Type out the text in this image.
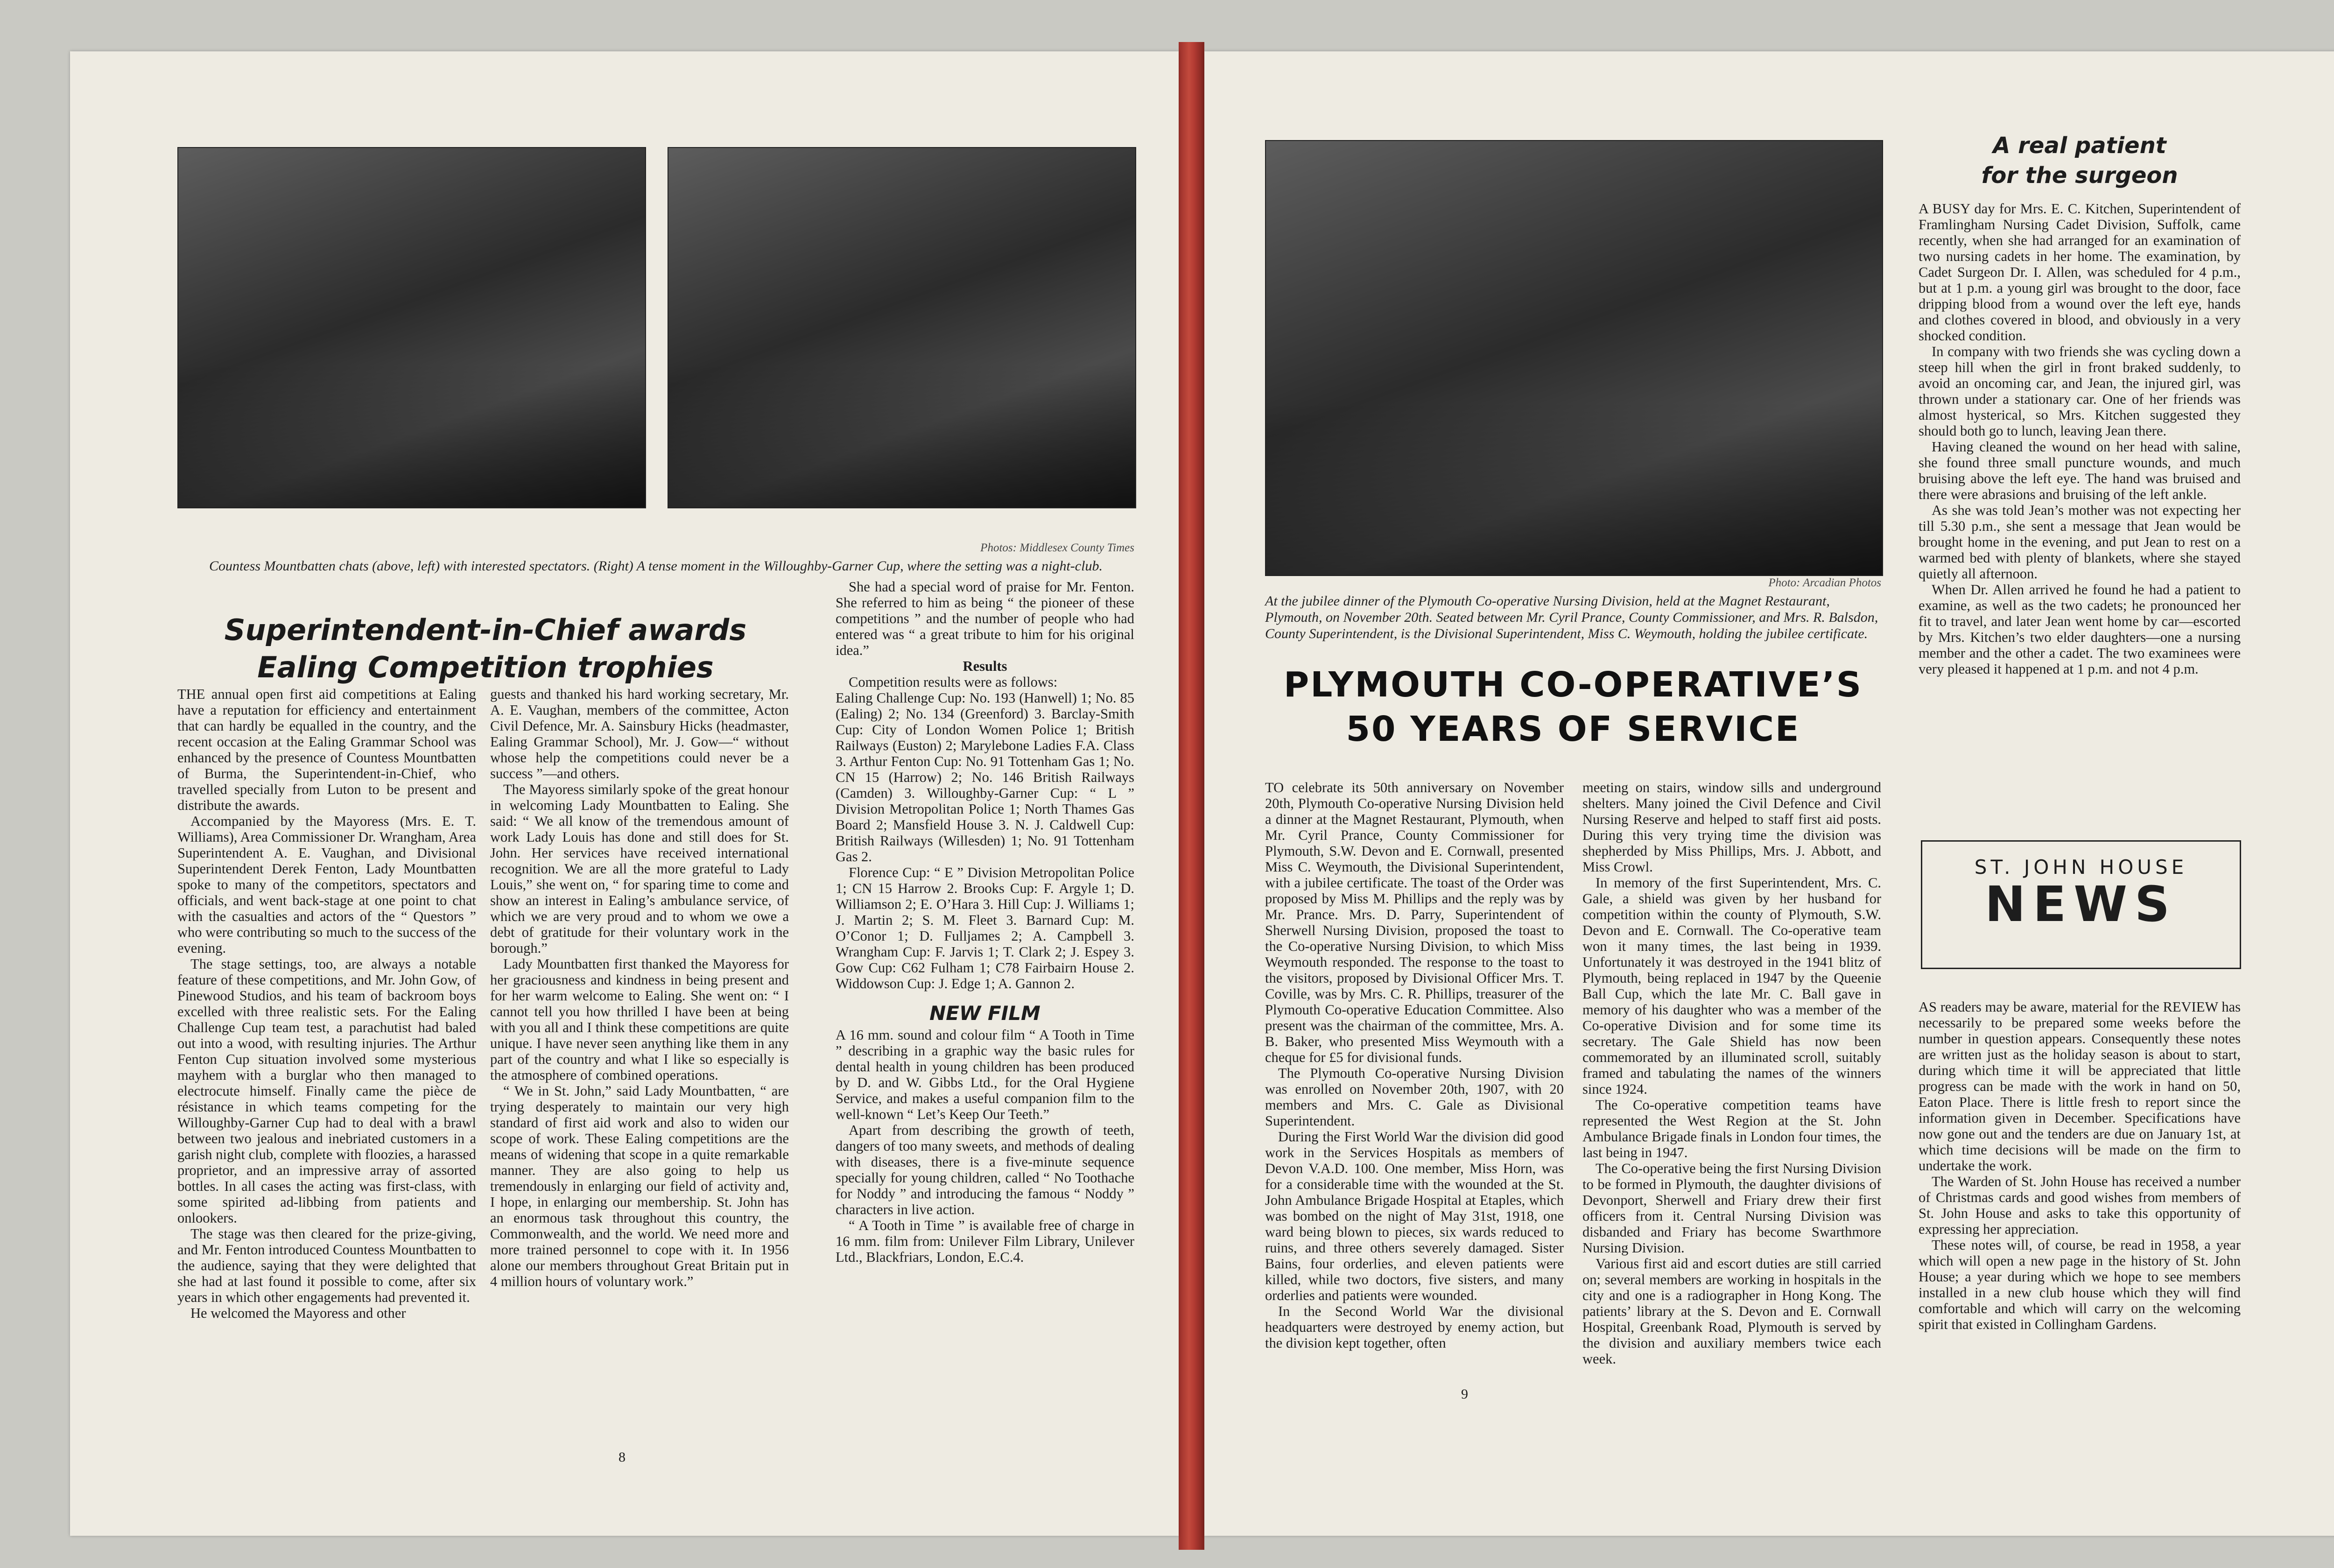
Photos: Middlesex County Times
Countess Mountbatten chats (above, left) with interested spectators. (Right) A tense moment in the Willoughby-Garner Cup, where the setting was a night-club.
Superintendent-in-Chief awards
Ealing Competition trophies

THE annual open first aid competitions at Ealing have a reputation for efficiency and entertainment that can hardly be equalled in the country, and the recent occasion at the Ealing Grammar School was enhanced by the presence of Countess Mountbatten of Burma, the Superintendent-in-Chief, who travelled specially from Luton to be present and distribute the awards.

Accompanied by the Mayoress (Mrs. E. T. Williams), Area Commissioner Dr. Wrangham, Area Superintendent A. E. Vaughan, and Divisional Superintendent Derek Fenton, Lady Mountbatten spoke to many of the competitors, spectators and officials, and went back-stage at one point to chat with the casualties and actors of the “ Questors ” who were contributing so much to the success of the evening.

The stage settings, too, are always a notable feature of these competitions, and Mr. John Gow, of Pinewood Studios, and his team of backroom boys excelled with three realistic sets. For the Ealing Challenge Cup team test, a parachutist had baled out into a wood, with resulting injuries. The Arthur Fenton Cup situation involved some mysterious mayhem with a burglar who then managed to electrocute himself. Finally came the pièce de résistance in which teams competing for the Willoughby-Garner Cup had to deal with a brawl between two jealous and inebriated customers in a garish night club, complete with floozies, a harassed proprietor, and an impressive array of assorted bottles. In all cases the acting was first-class, with some spirited ad-libbing from patients and onlookers.

The stage was then cleared for the prize-giving, and Mr. Fenton introduced Countess Mountbatten to the audience, saying that they were delighted that she had at last found it possible to come, after six years in which other engagements had prevented it.

He welcomed the Mayoress and other

guests and thanked his hard working secretary, Mr. A. E. Vaughan, members of the committee, Acton Civil Defence, Mr. A. Sainsbury Hicks (headmaster, Ealing Grammar School), Mr. J. Gow—“ without whose help the competitions could never be a success ”—and others.

The Mayoress similarly spoke of the great honour in welcoming Lady Mountbatten to Ealing. She said: “ We all know of the tremendous amount of work Lady Louis has done and still does for St. John. Her services have received international recognition. We are all the more grateful to Lady Louis,” she went on, “ for sparing time to come and show an interest in Ealing’s ambulance service, of which we are very proud and to whom we owe a debt of gratitude for their voluntary work in the borough.”

Lady Mountbatten first thanked the Mayoress for her graciousness and kindness in being present and for her warm welcome to Ealing. She went on: “ I cannot tell you how thrilled I have been at being with you all and I think these competitions are quite unique. I have never seen anything like them in any part of the country and what I like so especially is the atmosphere of combined operations.

“ We in St. John,” said Lady Mountbatten, “ are trying desperately to maintain our very high standard of first aid work and also to widen our scope of work. These Ealing competitions are the means of widening that scope in a quite remarkable manner. They are also going to help us tremendously in enlarging our field of activity and, I hope, in enlarging our membership. St. John has an enormous task throughout this country, the Commonwealth, and the world. We need more and more trained personnel to cope with it. In 1956 alone our members throughout Great Britain put in 4 million hours of voluntary work.”

She had a special word of praise for Mr. Fenton. She referred to him as being “ the pioneer of these competitions ” and the number of people who had entered was “ a great tribute to him for his original idea.”

Results

Competition results were as follows:

Ealing Challenge Cup: No. 193 (Hanwell) 1; No. 85 (Ealing) 2; No. 134 (Greenford) 3. Barclay-Smith Cup: City of London Women Police 1; British Railways (Euston) 2; Marylebone Ladies F.A. Class 3. Arthur Fenton Cup: No. 91 Tottenham Gas 1; No. CN 15 (Harrow) 2; No. 146 British Railways (Camden) 3. Willoughby-Garner Cup: “ L ” Division Metropolitan Police 1; North Thames Gas Board 2; Mansfield House 3. N. J. Caldwell Cup: British Railways (Willesden) 1; No. 91 Tottenham Gas 2.

Florence Cup: “ E ” Division Metropolitan Police 1; CN 15 Harrow 2. Brooks Cup: F. Argyle 1; D. Williamson 2; E. O’Hara 3. Hill Cup: J. Williams 1; J. Martin 2; S. M. Fleet 3. Barnard Cup: M. O’Conor 1; D. Fulljames 2; A. Campbell 3. Wrangham Cup: F. Jarvis 1; T. Clark 2; J. Espey 3. Gow Cup: C62 Fulham 1; C78 Fairbairn House 2. Widdowson Cup: J. Edge 1; A. Gannon 2.

NEW FILM

A 16 mm. sound and colour film “ A Tooth in Time ” describing in a graphic way the basic rules for dental health in young children has been produced by D. and W. Gibbs Ltd., for the Oral Hygiene Service, and makes a useful companion film to the well-known “ Let’s Keep Our Teeth.”

Apart from describing the growth of teeth, dangers of too many sweets, and methods of dealing with diseases, there is a five-minute sequence specially for young children, called “ No Toothache for Noddy ” and introducing the famous “ Noddy ” characters in live action.

“ A Tooth in Time ” is available free of charge in 16 mm. film from: Unilever Film Library, Unilever Ltd., Blackfriars, London, E.C.4.

8
Photo: Arcadian Photos
At the jubilee dinner of the Plymouth Co-operative Nursing Division, held at the Magnet Restaurant, Plymouth, on November 20th. Seated between Mr. Cyril Prance, County Commissioner, and Mrs. R. Balsdon, County Superintendent, is the Divisional Superintendent, Miss C. Weymouth, holding the jubilee certificate.
PLYMOUTH CO-OPERATIVE’S
50 YEARS OF SERVICE

TO celebrate its 50th anniversary on November 20th, Plymouth Co-operative Nursing Division held a dinner at the Magnet Restaurant, Plymouth, when Mr. Cyril Prance, County Commissioner for Plymouth, S.W. Devon and E. Cornwall, presented Miss C. Weymouth, the Divisional Superintendent, with a jubilee certificate. The toast of the Order was proposed by Miss M. Phillips and the reply was by Mr. Prance. Mrs. D. Parry, Superintendent of Sherwell Nursing Division, proposed the toast to the Co-operative Nursing Division, to which Miss Weymouth responded. The response to the toast to the visitors, proposed by Divisional Officer Mrs. T. Coville, was by Mrs. C. R. Phillips, treasurer of the Plymouth Co-operative Education Committee. Also present was the chairman of the committee, Mrs. A. B. Baker, who presented Miss Weymouth with a cheque for £5 for divisional funds.

The Plymouth Co-operative Nursing Division was enrolled on November 20th, 1907, with 20 members and Mrs. C. Gale as Divisional Superintendent.

During the First World War the division did good work in the Services Hospitals as members of Devon V.A.D. 100. One member, Miss Horn, was for a considerable time with the wounded at the St. John Ambulance Brigade Hospital at Etaples, which was bombed on the night of May 31st, 1918, one ward being blown to pieces, six wards reduced to ruins, and three others severely damaged. Sister Bains, four orderlies, and eleven patients were killed, while two doctors, five sisters, and many orderlies and patients were wounded.

In the Second World War the divisional headquarters were destroyed by enemy action, but the division kept together, often

meeting on stairs, window sills and underground shelters. Many joined the Civil Defence and Civil Nursing Reserve and helped to staff first aid posts. During this very trying time the division was shepherded by Miss Phillips, Mrs. J. Abbott, and Miss Crowl.

In memory of the first Superintendent, Mrs. C. Gale, a shield was given by her husband for competition within the county of Plymouth, S.W. Devon and E. Cornwall. The Co-operative team won it many times, the last being in 1939. Unfortunately it was destroyed in the 1941 blitz of Plymouth, being replaced in 1947 by the Queenie Ball Cup, which the late Mr. C. Ball gave in memory of his daughter who was a member of the Co-operative Division and for some time its secretary. The Gale Shield has now been commemorated by an illuminated scroll, suitably framed and tabulating the names of the winners since 1924.

The Co-operative competition teams have represented the West Region at the St. John Ambulance Brigade finals in London four times, the last being in 1947.

The Co-operative being the first Nursing Division to be formed in Plymouth, the daughter divisions of Devonport, Sherwell and Friary drew their first officers from it. Central Nursing Division was disbanded and Friary has become Swarthmore Nursing Division.

Various first aid and escort duties are still carried on; several members are working in hospitals in the city and one is a radiographer in Hong Kong. The patients’ library at the S. Devon and E. Cornwall Hospital, Greenbank Road, Plymouth is served by the division and auxiliary members twice each week.

A real patient
for the surgeon

A BUSY day for Mrs. E. C. Kitchen, Superintendent of Framlingham Nursing Cadet Division, Suffolk, came recently, when she had arranged for an examination of two nursing cadets in her home. The examination, by Cadet Surgeon Dr. I. Allen, was scheduled for 4 p.m., but at 1 p.m. a young girl was brought to the door, face dripping blood from a wound over the left eye, hands and clothes covered in blood, and obviously in a very shocked condition.

In company with two friends she was cycling down a steep hill when the girl in front braked suddenly, to avoid an oncoming car, and Jean, the injured girl, was thrown under a stationary car. One of her friends was almost hysterical, so Mrs. Kitchen suggested they should both go to lunch, leaving Jean there.

Having cleaned the wound on her head with saline, she found three small puncture wounds, and much bruising above the left eye. The hand was bruised and there were abrasions and bruising of the left ankle.

As she was told Jean’s mother was not expecting her till 5.30 p.m., she sent a message that Jean would be brought home in the evening, and put Jean to rest on a warmed bed with plenty of blankets, where she stayed quietly all afternoon.

When Dr. Allen arrived he found he had a patient to examine, as well as the two cadets; he pronounced her fit to travel, and later Jean went home by car—escorted by Mrs. Kitchen’s two elder daughters—one a nursing member and the other a cadet. The two examinees were very pleased it happened at 1 p.m. and not 4 p.m.

ST. JOHN HOUSE
NEWS

AS readers may be aware, material for the REVIEW has necessarily to be prepared some weeks before the number in question appears. Consequently these notes are written just as the holiday season is about to start, during which time it will be appreciated that little progress can be made with the work in hand on 50, Eaton Place. There is little fresh to report since the information given in December. Specifications have now gone out and the tenders are due on January 1st, at which time decisions will be made on the firm to undertake the work.

The Warden of St. John House has received a number of Christmas cards and good wishes from members of St. John House and asks to take this opportunity of expressing her appreciation.

These notes will, of course, be read in 1958, a year which will open a new page in the history of St. John House; a year during which we hope to see members installed in a new club house which they will find comfortable and which will carry on the welcoming spirit that existed in Collingham Gardens.

9
